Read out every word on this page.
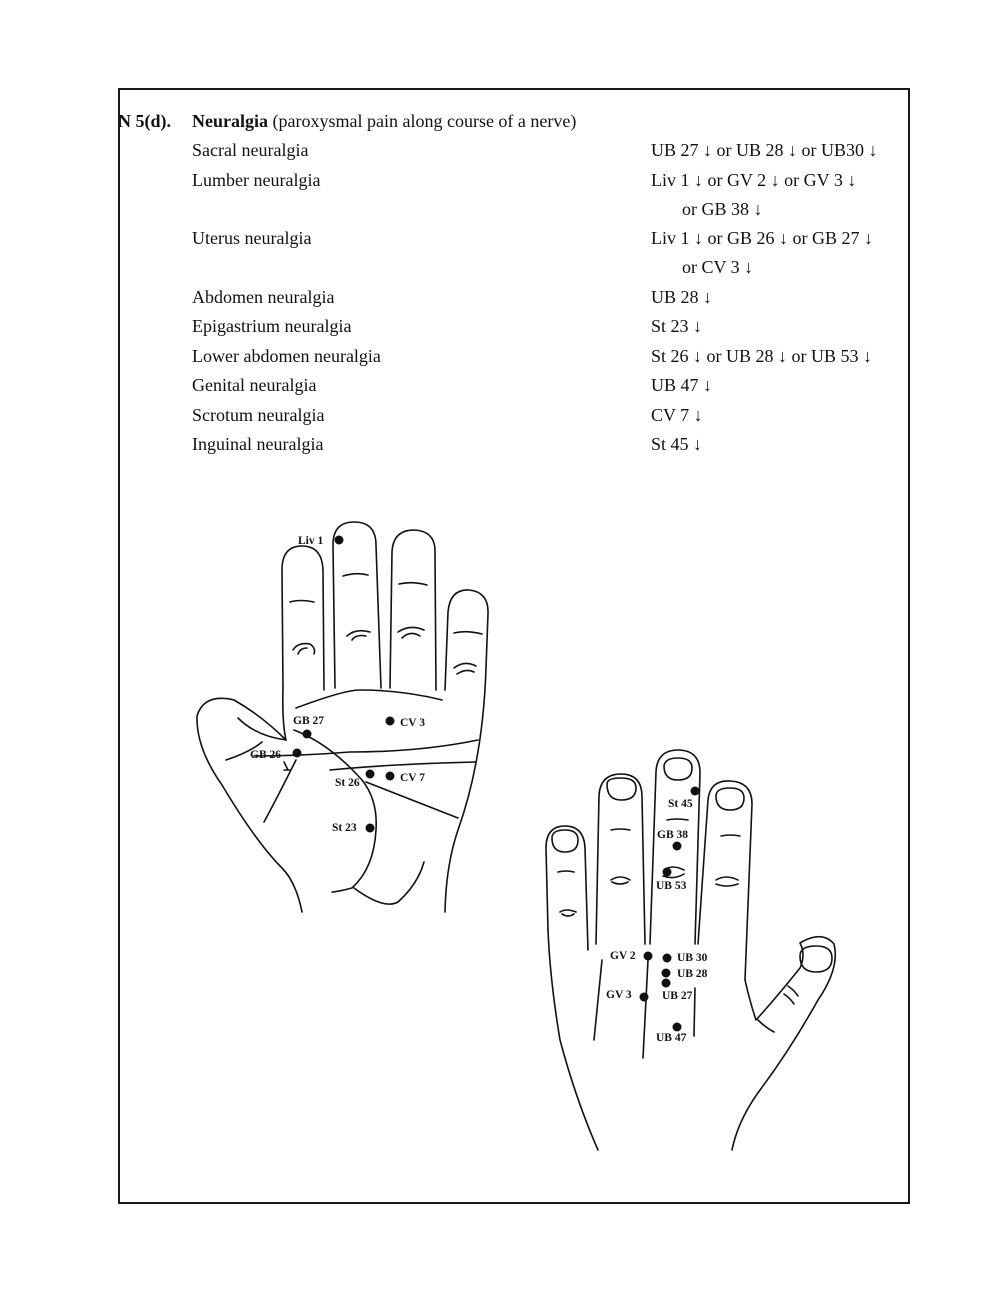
N 5(d). Neuralgia (paroxysmal pain along course of a nerve)
Sacral neuralgia	UB 27 ↓ or UB 28 ↓ or UB30 ↓
Lumber neuralgia	Liv 1 ↓ or GV 2 ↓ or GV 3 ↓
or GB 38 ↓
Uterus neuralgia	Liv 1 ↓ or GB 26 ↓ or GB 27 ↓
or CV 3 ↓
Abdomen neuralgia	UB 28 ↓
Epigastrium neuralgia	St 23 ↓
Lower abdomen neuralgia	St 26 ↓ or UB 28 ↓ or UB 53 ↓
Genital neuralgia	UB 47 ↓
Scrotum neuralgia	CV 7 ↓
Inguinal neuralgia	St 45 ↓
Liv 1
GB 27	CV 3
GB 26
St 26	CV 7
St 23
St 45
GB 38
UB 53
GV 2	UB 30
UB 28
GV 3	UB 27
UB 47
